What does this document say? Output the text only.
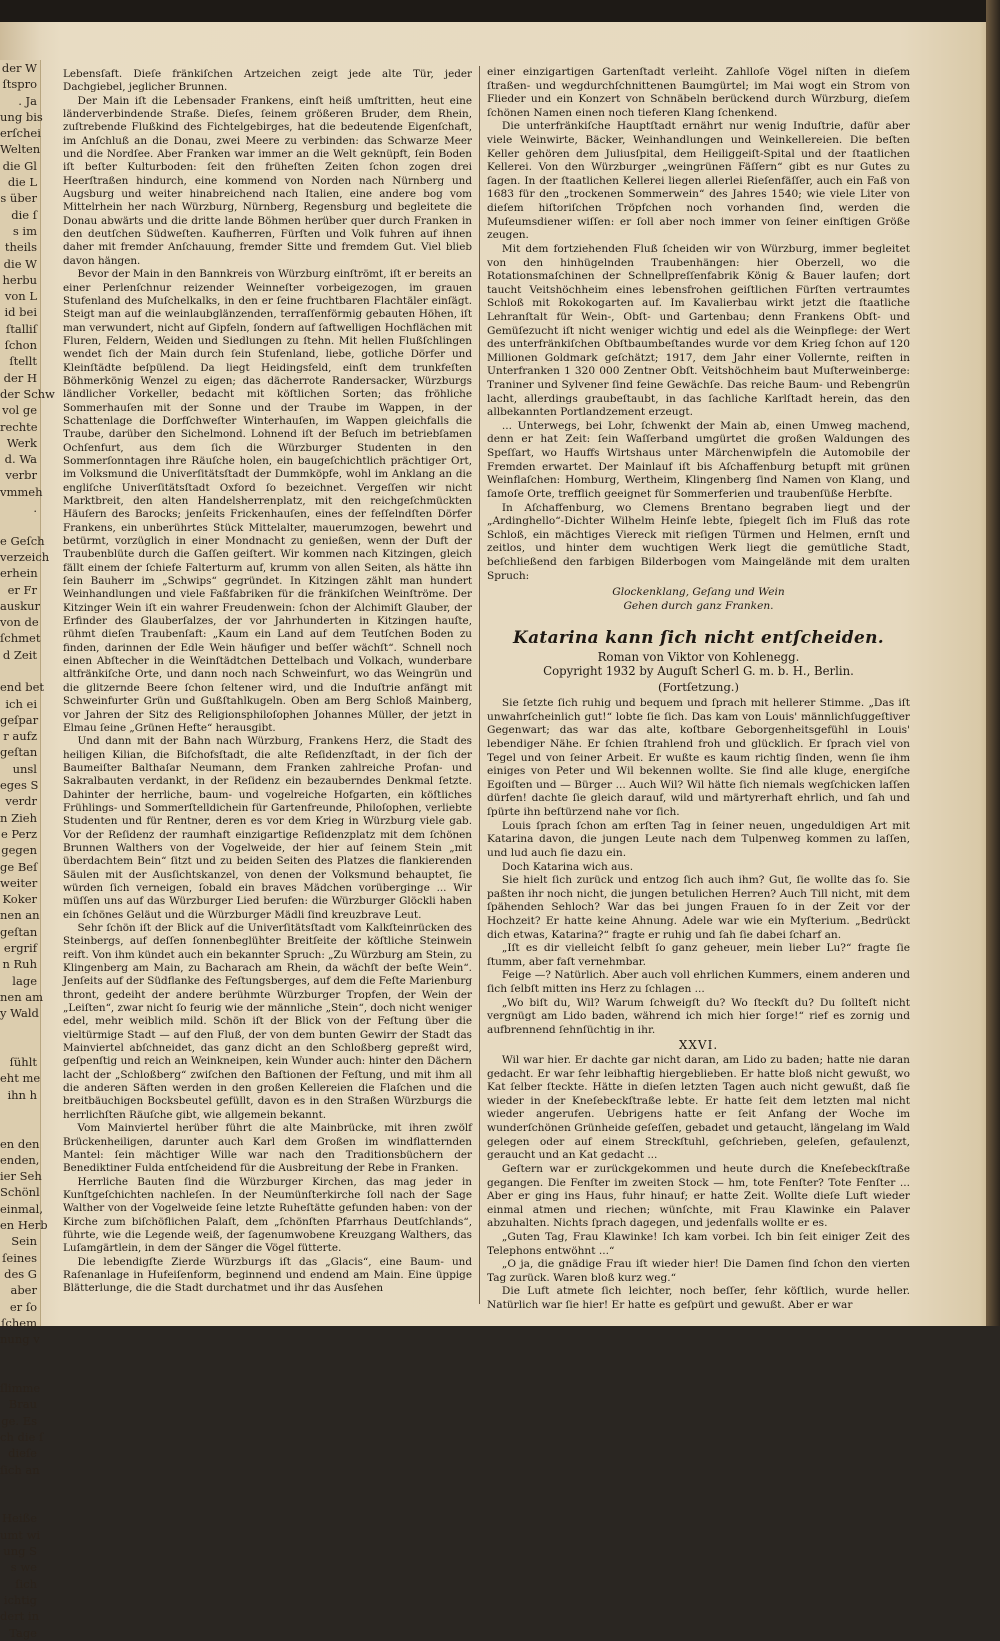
der W
ſtspro
. Ja
ung bis
erſchei
Welten
die Gl
die L
s über
die ſ
s im
theils
die W
herbu
von L
id bei
ſtalliſ
ſchon
ſtellt
der H
der Schw
vol ge
rechte
Werk
d. Wa
verbr
vmmeh
.

e Geſch
verzeich
erhein
er Fr
auskur
von de
ſchmet
d Zeit

end bet
ich ei
geſpar
r aufz
geſtan
unsl
eges S
verdr
n Zieh
e Perz
gegen
ge Beſ
weiter
Koker
nen an
geſtan
ergrif
n Ruh
lage
nen am
y Wald

ſühlt
eht me
ihn h

en den
enden,
ier Seh
Schönl
einmal,
en Herb
Sein
ſeines
des G
aber
er ſo
ſchem
nung v

ſlimme
Brau
ge. Es
ch die ſ
dieſe
ſich an

Heiße
umt wi
ung S
s we
ſich
ichtig
dert in
Tage

Lebensſaft. Dieſe fränkiſchen Artzeichen zeigt jede alte Tür, jeder Dachgiebel, jeglicher Brunnen.

Der Main iſt die Lebensader Frankens, einſt heiß umſtritten, heut eine länderverbindende Straße. Dieſes, ſeinem größeren Bruder, dem Rhein, zuſtrebende Flußkind des Fichtelgebirges, hat die bedeutende Eigenſchaft, im Anſchluß an die Donau, zwei Meere zu verbinden: das Schwarze Meer und die Nordſee. Aber Franken war immer an die Welt geknüpft, ſein Boden iſt beſter Kulturboden: ſeit den früheſten Zeiten ſchon zogen drei Heerſtraßen hindurch, eine kommend von Norden nach Nürnberg und Augsburg und weiter hinabreichend nach Italien, eine andere bog vom Mittelrhein her nach Würzburg, Nürnberg, Regensburg und begleitete die Donau abwärts und die dritte lande Böhmen herüber quer durch Franken in den deutſchen Südweſten. Kaufherren, Fürſten und Volk fuhren auf ihnen daher mit fremder Anſchauung, fremder Sitte und fremdem Gut. Viel blieb davon hängen.

Bevor der Main in den Bannkreis von Würzburg einſtrömt, iſt er bereits an einer Perlenſchnur reizender Weinneſter vorbeigezogen, im grauen Stufenland des Muſchelkalks, in den er ſeine fruchtbaren Flachtäler einſägt. Steigt man auf die weinlaubglänzenden, terraſſenförmig gebauten Höhen, iſt man verwundert, nicht auf Gipfeln, ſondern auf ſaftwelligen Hochflächen mit Fluren, Feldern, Weiden und Siedlungen zu ſtehn. Mit hellen Flußſchlingen wendet ſich der Main durch ſein Stufenland, liebe, gotliche Dörfer und Kleinſtädte beſpülend. Da liegt Heidingsfeld, einſt dem trunkfeſten Böhmerkönig Wenzel zu eigen; das dächerrote Randersacker, Würzburgs ländlicher Vorkeller, bedacht mit köſtlichen Sorten; das fröhliche Sommerhauſen mit der Sonne und der Traube im Wappen, in der Schattenlage die Dorfſchweſter Winterhauſen, im Wappen gleichfalls die Traube, darüber den Sichelmond. Lohnend iſt der Beſuch im betriebſamen Ochſenfurt, aus dem ſich die Würzburger Studenten in den Sommerſonntagen ihre Räuſche holen, ein baugeſchichtlich prächtiger Ort, im Volksmund die Univerſitätsſtadt der Dummköpfe, wohl im Anklang an die engliſche Univerſitätsſtadt Oxford ſo bezeichnet. Vergeſſen wir nicht Marktbreit, den alten Handelsherrenplatz, mit den reichgeſchmückten Häuſern des Barocks; jenſeits Frickenhauſen, eines der feſſelndſten Dörfer Frankens, ein unberührtes Stück Mittelalter, mauerumzogen, bewehrt und betürmt, vorzüglich in einer Mondnacht zu genießen, wenn der Duft der Traubenblüte durch die Gaſſen geiſtert. Wir kommen nach Kitzingen, gleich fällt einem der ſchiefe Falterturm auf, krumm von allen Seiten, als hätte ihn ſein Bauherr im „Schwips“ gegründet. In Kitzingen zählt man hundert Weinhandlungen und viele Faßfabriken für die fränkiſchen Weinſtröme. Der Kitzinger Wein iſt ein wahrer Freudenwein: ſchon der Alchimiſt Glauber, der Erfinder des Glauberſalzes, der vor Jahrhunderten in Kitzingen hauſte, rühmt dieſen Traubenſaft: „Kaum ein Land auf dem Teutſchen Boden zu finden, darinnen der Edle Wein häufiger und beſſer wächſt“. Schnell noch einen Abſtecher in die Weinſtädtchen Dettelbach und Volkach, wunderbare altfränkiſche Orte, und dann noch nach Schweinfurt, wo das Weingrün und die glitzernde Beere ſchon ſeltener wird, und die Induſtrie anfängt mit Schweinfurter Grün und Gußſtahlkugeln. Oben am Berg Schloß Mainberg, vor Jahren der Sitz des Religionsphiloſophen Johannes Müller, der jetzt in Elmau ſeine „Grünen Hefte“ herausgibt.

Und dann mit der Bahn nach Würzburg, Frankens Herz, die Stadt des heiligen Kilian, die Biſchofsſtadt, die alte Reſidenzſtadt, in der ſich der Baumeiſter Balthaſar Neumann, dem Franken zahlreiche Profan- und Sakralbauten verdankt, in der Reſidenz ein bezauberndes Denkmal ſetzte. Dahinter der herrliche, baum- und vogelreiche Hofgarten, ein köſtliches Frühlings- und Sommerſtelldichein für Gartenfreunde, Philoſophen, verliebte Studenten und für Rentner, deren es vor dem Krieg in Würzburg viele gab. Vor der Reſidenz der raumhaft einzigartige Reſidenzplatz mit dem ſchönen Brunnen Walthers von der Vogelweide, der hier auf ſeinem Stein „mit überdachtem Bein“ ſitzt und zu beiden Seiten des Platzes die flankierenden Säulen mit der Ausſichtskanzel, von denen der Volksmund behauptet, ſie würden ſich verneigen, ſobald ein braves Mädchen vorüberginge ... Wir müſſen uns auf das Würzburger Lied berufen: die Würzburger Glöckli haben ein ſchönes Geläut und die Würzburger Mädli ſind kreuzbrave Leut.

Sehr ſchön iſt der Blick auf die Univerſitätsſtadt vom Kalkſteinrücken des Steinbergs, auf deſſen ſonnenbeglühter Breitſeite der köſtliche Steinwein reift. Von ihm kündet auch ein bekannter Spruch: „Zu Würzburg am Stein, zu Klingenberg am Main, zu Bacharach am Rhein, da wächſt der beſte Wein“. Jenſeits auf der Südflanke des Feſtungsberges, auf dem die Feſte Marienburg thront, gedeiht der andere berühmte Würzburger Tropfen, der Wein der „Leiſten“, zwar nicht ſo feurig wie der männliche „Stein“, doch nicht weniger edel, mehr weiblich mild. Schön iſt der Blick von der Feſtung über die vieltürmige Stadt — auf den Fluß, der von dem bunten Gewirr der Stadt das Mainviertel abſchneidet, das ganz dicht an den Schloßberg gepreßt wird, geſpenſtig und reich an Weinkneipen, kein Wunder auch: hinter den Dächern lacht der „Schloßberg“ zwiſchen den Baſtionen der Feſtung, und mit ihm all die anderen Säften werden in den großen Kellereien die Flaſchen und die breitbäuchigen Bocksbeutel gefüllt, davon es in den Straßen Würzburgs die herrlichſten Räuſche gibt, wie allgemein bekannt.

Vom Mainviertel herüber führt die alte Mainbrücke, mit ihren zwölf Brückenheiligen, darunter auch Karl dem Großen im windflatternden Mantel: ſein mächtiger Wille war nach den Traditionsbüchern der Benediktiner Fulda entſcheidend für die Ausbreitung der Rebe in Franken.

Herrliche Bauten ſind die Würzburger Kirchen, das mag jeder in Kunſtgeſchichten nachleſen. In der Neumünſterkirche ſoll nach der Sage Walther von der Vogelweide ſeine letzte Ruheſtätte gefunden haben: von der Kirche zum biſchöflichen Palaſt, dem „ſchönſten Pfarrhaus Deutſchlands“, führte, wie die Legende weiß, der ſagenumwobene Kreuzgang Walthers, das Luſamgärtlein, in dem der Sänger die Vögel fütterte.

Die lebendigſte Zierde Würzburgs iſt das „Glacis“, eine Baum- und Raſenanlage in Hufeiſenform, beginnend und endend am Main. Eine üppige Blätterlunge, die die Stadt durchatmet und ihr das Ausſehen

einer einzigartigen Gartenſtadt verleiht. Zahlloſe Vögel niſten in dieſem ſtraßen- und wegdurchſchnittenen Baumgürtel; im Mai wogt ein Strom von Flieder und ein Konzert von Schnäbeln berückend durch Würzburg, dieſem ſchönen Namen einen noch tieferen Klang ſchenkend.

Die unterfränkiſche Hauptſtadt ernährt nur wenig Induſtrie, dafür aber viele Weinwirte, Bäcker, Weinhandlungen und Weinkellereien. Die beſten Keller gehören dem Juliusſpital, dem Heiliggeiſt-Spital und der ſtaatlichen Kellerei. Von den Würzburger „weingrünen Fäſſern“ gibt es nur Gutes zu ſagen. In der ſtaatlichen Kellerei liegen allerlei Rieſenfäſſer, auch ein Faß von 1683 für den „trockenen Sommerwein“ des Jahres 1540; wie viele Liter von dieſem hiſtoriſchen Tröpfchen noch vorhanden ſind, werden die Muſeumsdiener wiſſen: er ſoll aber noch immer von ſeiner einſtigen Größe zeugen.

Mit dem fortziehenden Fluß ſcheiden wir von Würzburg, immer begleitet von den hinhügelnden Traubenhängen: hier Oberzell, wo die Rotationsmaſchinen der Schnellpreſſenfabrik König & Bauer laufen; dort taucht Veitshöchheim eines lebensfrohen geiſtlichen Fürſten vertraumtes Schloß mit Rokokogarten auf. Im Kavalierbau wirkt jetzt die ſtaatliche Lehranſtalt für Wein-, Obſt- und Gartenbau; denn Frankens Obſt- und Gemüſezucht iſt nicht weniger wichtig und edel als die Weinpflege: der Wert des unterfränkiſchen Obſtbaumbeſtandes wurde vor dem Krieg ſchon auf 120 Millionen Goldmark geſchätzt; 1917, dem Jahr einer Vollernte, reiften in Unterfranken 1 320 000 Zentner Obſt. Veitshöchheim baut Muſterweinberge: Traniner und Sylvener ſind feine Gewächſe. Das reiche Baum- und Rebengrün lacht, allerdings graubeſtaubt, in das ſachliche Karlſtadt herein, das den allbekannten Portlandzement erzeugt.

... Unterwegs, bei Lohr, ſchwenkt der Main ab, einen Umweg machend, denn er hat Zeit: ſein Waſſerband umgürtet die großen Waldungen des Speſſart, wo Hauffs Wirtshaus unter Märchenwipfeln die Automobile der Fremden erwartet. Der Mainlauf iſt bis Aſchaffenburg betupft mit grünen Weinflaſchen: Homburg, Wertheim, Klingenberg ſind Namen von Klang, und ſamoſe Orte, trefflich geeignet für Sommerferien und traubenſüße Herbſte.

In Aſchaffenburg, wo Clemens Brentano begraben liegt und der „Ardinghello“-Dichter Wilhelm Heinſe lebte, ſpiegelt ſich im Fluß das rote Schloß, ein mächtiges Viereck mit rieſigen Türmen und Helmen, ernſt und zeitlos, und hinter dem wuchtigen Werk liegt die gemütliche Stadt, beſchließend den farbigen Bilderbogen vom Maingelände mit dem uralten Spruch:

Glockenklang, Geſang und Wein
Gehen durch ganz Franken.
Katarina kann ſich nicht entſcheiden.
Roman von Viktor von Kohlenegg.
Copyright 1932 by Auguſt Scherl G. m. b. H., Berlin.
(Fortſetzung.)

Sie ſetzte ſich ruhig und bequem und ſprach mit hellerer Stimme. „Das iſt unwahrſcheinlich gut!“ lobte ſie ſich. Das kam von Louis' männlichſuggeſtiver Gegenwart; das war das alte, koſtbare Geborgenheitsgefühl in Louis' lebendiger Nähe. Er ſchien ſtrahlend froh und glücklich. Er ſprach viel von Tegel und von ſeiner Arbeit. Er wußte es kaum richtig ſinden, wenn ſie ihm einiges von Peter und Wil bekennen wollte. Sie ſind alle kluge, energiſche Egoiſten und — Bürger ... Auch Wil? Wil hätte ſich niemals wegſchicken laſſen dürfen! dachte ſie gleich darauf, wild und märtyrerhaft ehrlich, und ſah und ſpürte ihn beſtürzend nahe vor ſich.

Louis ſprach ſchon am erſten Tag in ſeiner neuen, ungeduldigen Art mit Katarina davon, die jungen Leute nach dem Tulpenweg kommen zu laſſen, und lud auch ſie dazu ein.

Doch Katarina wich aus.

Sie hielt ſich zurück und entzog ſich auch ihm? Gut, ſie wollte das ſo. Sie paßten ihr noch nicht, die jungen betulichen Herren? Auch Till nicht, mit dem ſpähenden Sehloch? War das bei jungen Frauen ſo in der Zeit vor der Hochzeit? Er hatte keine Ahnung. Adele war wie ein Myſterium. „Bedrückt dich etwas, Katarina?“ fragte er ruhig und ſah ſie dabei ſcharf an.

„Iſt es dir vielleicht ſelbſt ſo ganz geheuer, mein lieber Lu?“ fragte ſie ſtumm, aber faſt vernehmbar.

Feige —? Natürlich. Aber auch voll ehrlichen Kummers, einem anderen und ſich ſelbſt mitten ins Herz zu ſchlagen ...

„Wo biſt du, Wil? Warum ſchweigſt du? Wo ſteckſt du? Du ſollteſt nicht vergnügt am Lido baden, während ich mich hier ſorge!“ rief es zornig und aufbrennend ſehnſüchtig in ihr.

XXVI.

Wil war hier. Er dachte gar nicht daran, am Lido zu baden; hatte nie daran gedacht. Er war ſehr leibhaftig hiergeblieben. Er hatte bloß nicht gewußt, wo Kat ſelber ſteckte. Hätte in dieſen letzten Tagen auch nicht gewußt, daß ſie wieder in der Kneſebeckſtraße lebte. Er hatte ſeit dem letzten mal nicht wieder angerufen. Uebrigens hatte er ſeit Anfang der Woche im wunderſchönen Grünheide geſeſſen, gebadet und getaucht, längelang im Wald gelegen oder auf einem Streckſtuhl, geſchrieben, geleſen, gefaulenzt, geraucht und an Kat gedacht ...

Geſtern war er zurückgekommen und heute durch die Kneſebeckſtraße gegangen. Die Fenſter im zweiten Stock — hm, tote Fenſter? Tote Fenſter ... Aber er ging ins Haus, fuhr hinauf; er hatte Zeit. Wollte dieſe Luft wieder einmal atmen und riechen; wünſchte, mit Frau Klawinke ein Palaver abzuhalten. Nichts ſprach dagegen, und jedenfalls wollte er es.

„Guten Tag, Frau Klawinke! Ich kam vorbei. Ich bin ſeit einiger Zeit des Telephons entwöhnt ...“

„O ja, die gnädige Frau iſt wieder hier! Die Damen ſind ſchon den vierten Tag zurück. Waren bloß kurz weg.“

Die Luft atmete ſich leichter, noch beſſer, ſehr köſtlich, wurde heller. Natürlich war ſie hier! Er hatte es geſpürt und gewußt. Aber er war
